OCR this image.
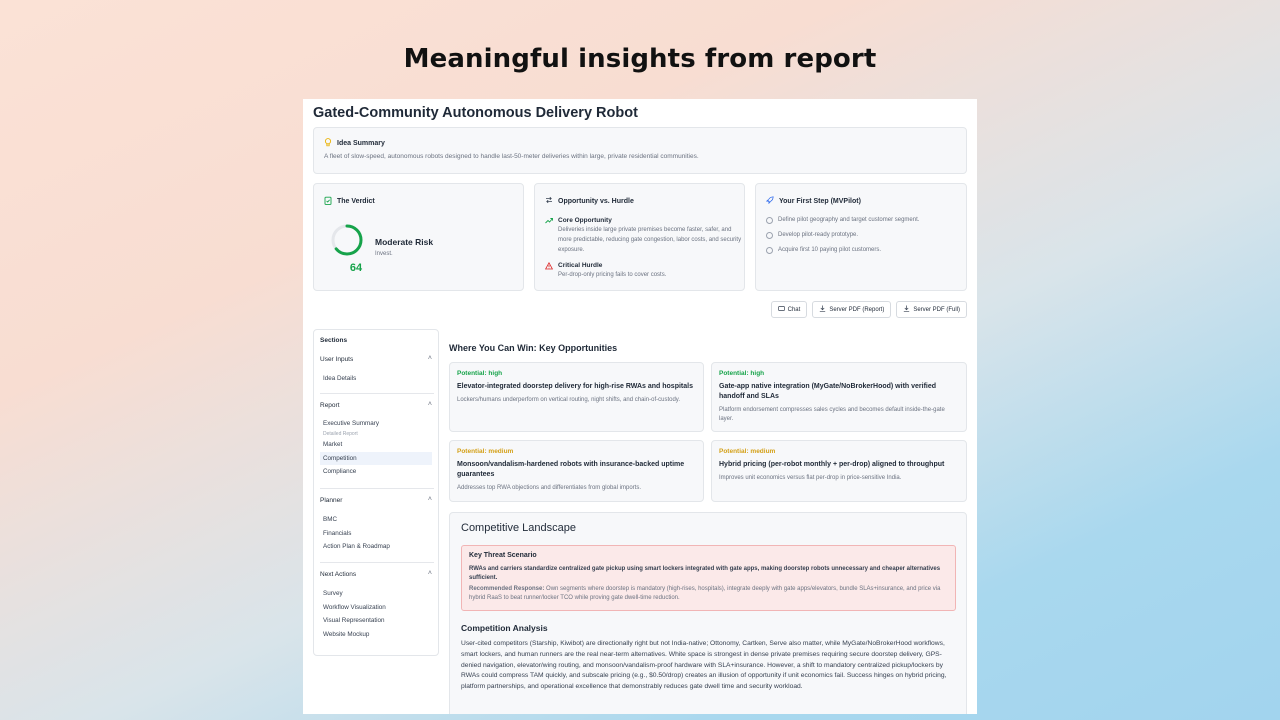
Meaningful insights from report
Gated-Community Autonomous Delivery Robot
Idea Summary
A fleet of slow-speed, autonomous robots designed to handle last-50-meter deliveries within large, private residential communities.
The Verdict
64
Moderate Risk
Invest.
Opportunity vs. Hurdle
Core Opportunity
Deliveries inside large private premises become faster, safer, and more predictable, reducing gate congestion, labor costs, and security exposure.
Critical Hurdle
Per-drop-only pricing fails to cover costs.
Your First Step (MVPilot)
Define pilot geography and target customer segment.
Develop pilot-ready prototype.
Acquire first 10 paying pilot customers.
Chat	Server PDF (Report)	Server PDF (Full)
Sections
User Inputs	˄
Idea Details
Report	˄
Executive Summary
Detailed Report
Market
Competition
Compliance
Planner	˄
BMC
Financials
Action Plan & Roadmap
Next Actions	˄
Survey
Workflow Visualization
Visual Representation
Website Mockup
Where You Can Win: Key Opportunities
Potential: high
Elevator-integrated doorstep delivery for high-rise RWAs and hospitals
Lockers/humans underperform on vertical routing, night shifts, and chain-of-custody.
Potential: high
Gate-app native integration (MyGate/NoBrokerHood) with verified handoff and SLAs
Platform endorsement compresses sales cycles and becomes default inside-the-gate layer.
Potential: medium
Monsoon/vandalism-hardened robots with insurance-backed uptime guarantees
Addresses top RWA objections and differentiates from global imports.
Potential: medium
Hybrid pricing (per-robot monthly + per-drop) aligned to throughput
Improves unit economics versus flat per-drop in price-sensitive India.
Competitive Landscape
Key Threat Scenario
RWAs and carriers standardize centralized gate pickup using smart lockers integrated with gate apps, making doorstep robots unnecessary and cheaper alternatives sufficient.
Recommended Response: Own segments where doorstep is mandatory (high-rises, hospitals), integrate deeply with gate apps/elevators, bundle SLAs+insurance, and price via hybrid RaaS to beat runner/locker TCO while proving gate dwell-time reduction.
Competition Analysis
User-cited competitors (Starship, Kiwibot) are directionally right but not India-native; Ottonomy, Cartken, Serve also matter, while MyGate/NoBrokerHood workflows, smart lockers, and human runners are the real near-term alternatives. White space is strongest in dense private premises requiring secure doorstep delivery, GPS-denied navigation, elevator/wing routing, and monsoon/vandalism-proof hardware with SLA+insurance. However, a shift to mandatory centralized pickup/lockers by RWAs could compress TAM quickly, and subscale pricing (e.g., $0.50/drop) creates an illusion of opportunity if unit economics fail. Success hinges on hybrid pricing, platform partnerships, and operational excellence that demonstrably reduces gate dwell time and security workload.
